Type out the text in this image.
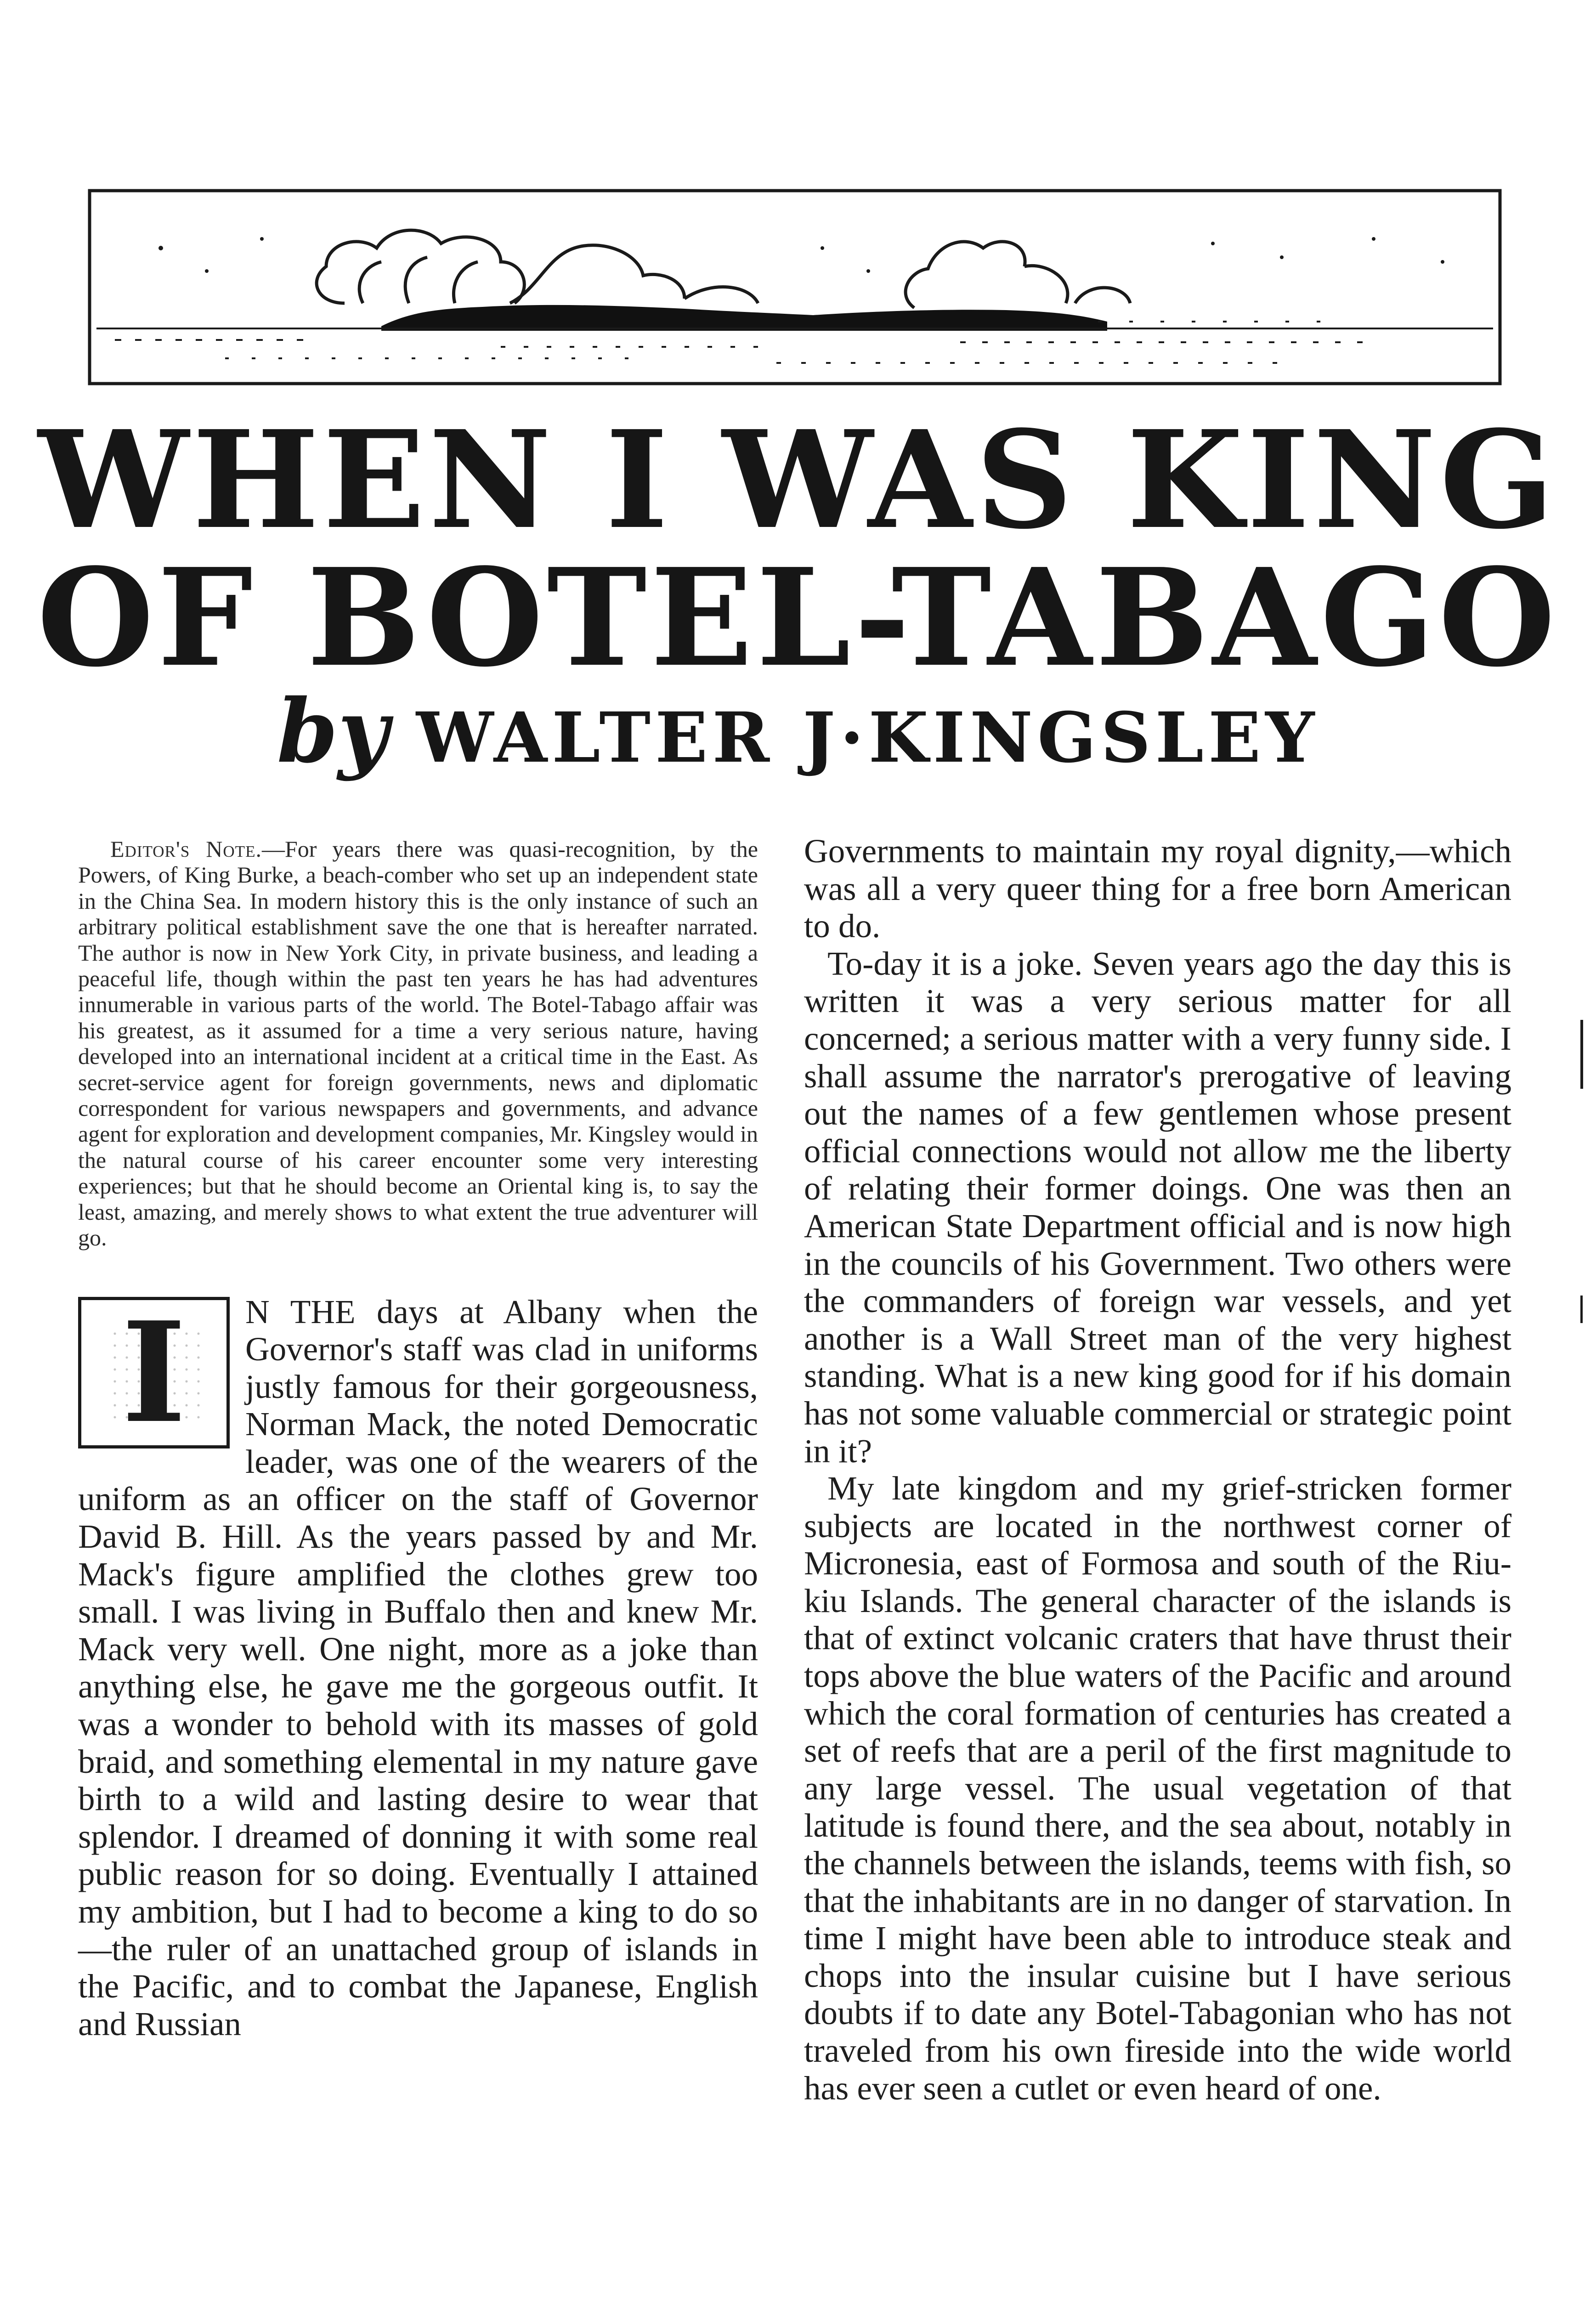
WHEN I WAS KING
OF BOTEL-TABAGO
by WALTER J·KINGSLEY

Editor's Note.—For years there was quasi-recognition, by the Powers, of King Burke, a beach-comber who set up an independent state in the China Sea. In modern history this is the only instance of such an arbitrary political establishment save the one that is hereafter narrated. The author is now in New York City, in private business, and leading a peaceful life, though within the past ten years he has had adventures innumerable in various parts of the world. The Botel-Tabago affair was his greatest, as it assumed for a time a very serious nature, having developed into an international incident at a critical time in the East. As secret-service agent for foreign governments, news and diplomatic correspondent for various newspapers and governments, and advance agent for exploration and development companies, Mr. Kingsley would in the natural course of his career encounter some very interesting experiences; but that he should become an Oriental king is, to say the least, amazing, and merely shows to what extent the true adventurer will go.

I	N THE days at Albany when the Governor's staff was clad in uniforms justly famous for their gorgeousness, Norman Mack, the noted Democratic leader, was one of the wearers of the uniform as an officer on the staff of Governor David B. Hill. As the years passed by and Mr. Mack's figure amplified the clothes grew too small. I was living in Buffalo then and knew Mr. Mack very well. One night, more as a joke than anything else, he gave me the gorgeous outfit. It was a wonder to behold with its masses of gold braid, and something elemental in my nature gave birth to a wild and lasting desire to wear that splendor. I dreamed of donning it with some real public reason for so doing. Eventually I attained my ambition, but I had to become a king to do so—the ruler of an unattached group of islands in the Pacific, and to combat the Japanese, English and Russian

Governments to maintain my royal dignity,—which was all a very queer thing for a free born American to do.

To-day it is a joke. Seven years ago the day this is written it was a very serious matter for all concerned; a serious matter with a very funny side. I shall assume the narrator's prerogative of leaving out the names of a few gentlemen whose present official connections would not allow me the liberty of relating their former doings. One was then an American State Department official and is now high in the councils of his Government. Two others were the commanders of foreign war vessels, and yet another is a Wall Street man of the very highest standing. What is a new king good for if his domain has not some valuable commercial or strategic point in it?

My late kingdom and my grief-stricken former subjects are located in the northwest corner of Micronesia, east of Formosa and south of the Riu-kiu Islands. The general character of the islands is that of extinct volcanic craters that have thrust their tops above the blue waters of the Pacific and around which the coral formation of centuries has created a set of reefs that are a peril of the first magnitude to any large vessel. The usual vegetation of that latitude is found there, and the sea about, notably in the channels between the islands, teems with fish, so that the inhabitants are in no danger of starvation. In time I might have been able to introduce steak and chops into the insular cuisine but I have serious doubts if to date any Botel-Tabagonian who has not traveled from his own fireside into the wide world has ever seen a cutlet or even heard of one.
